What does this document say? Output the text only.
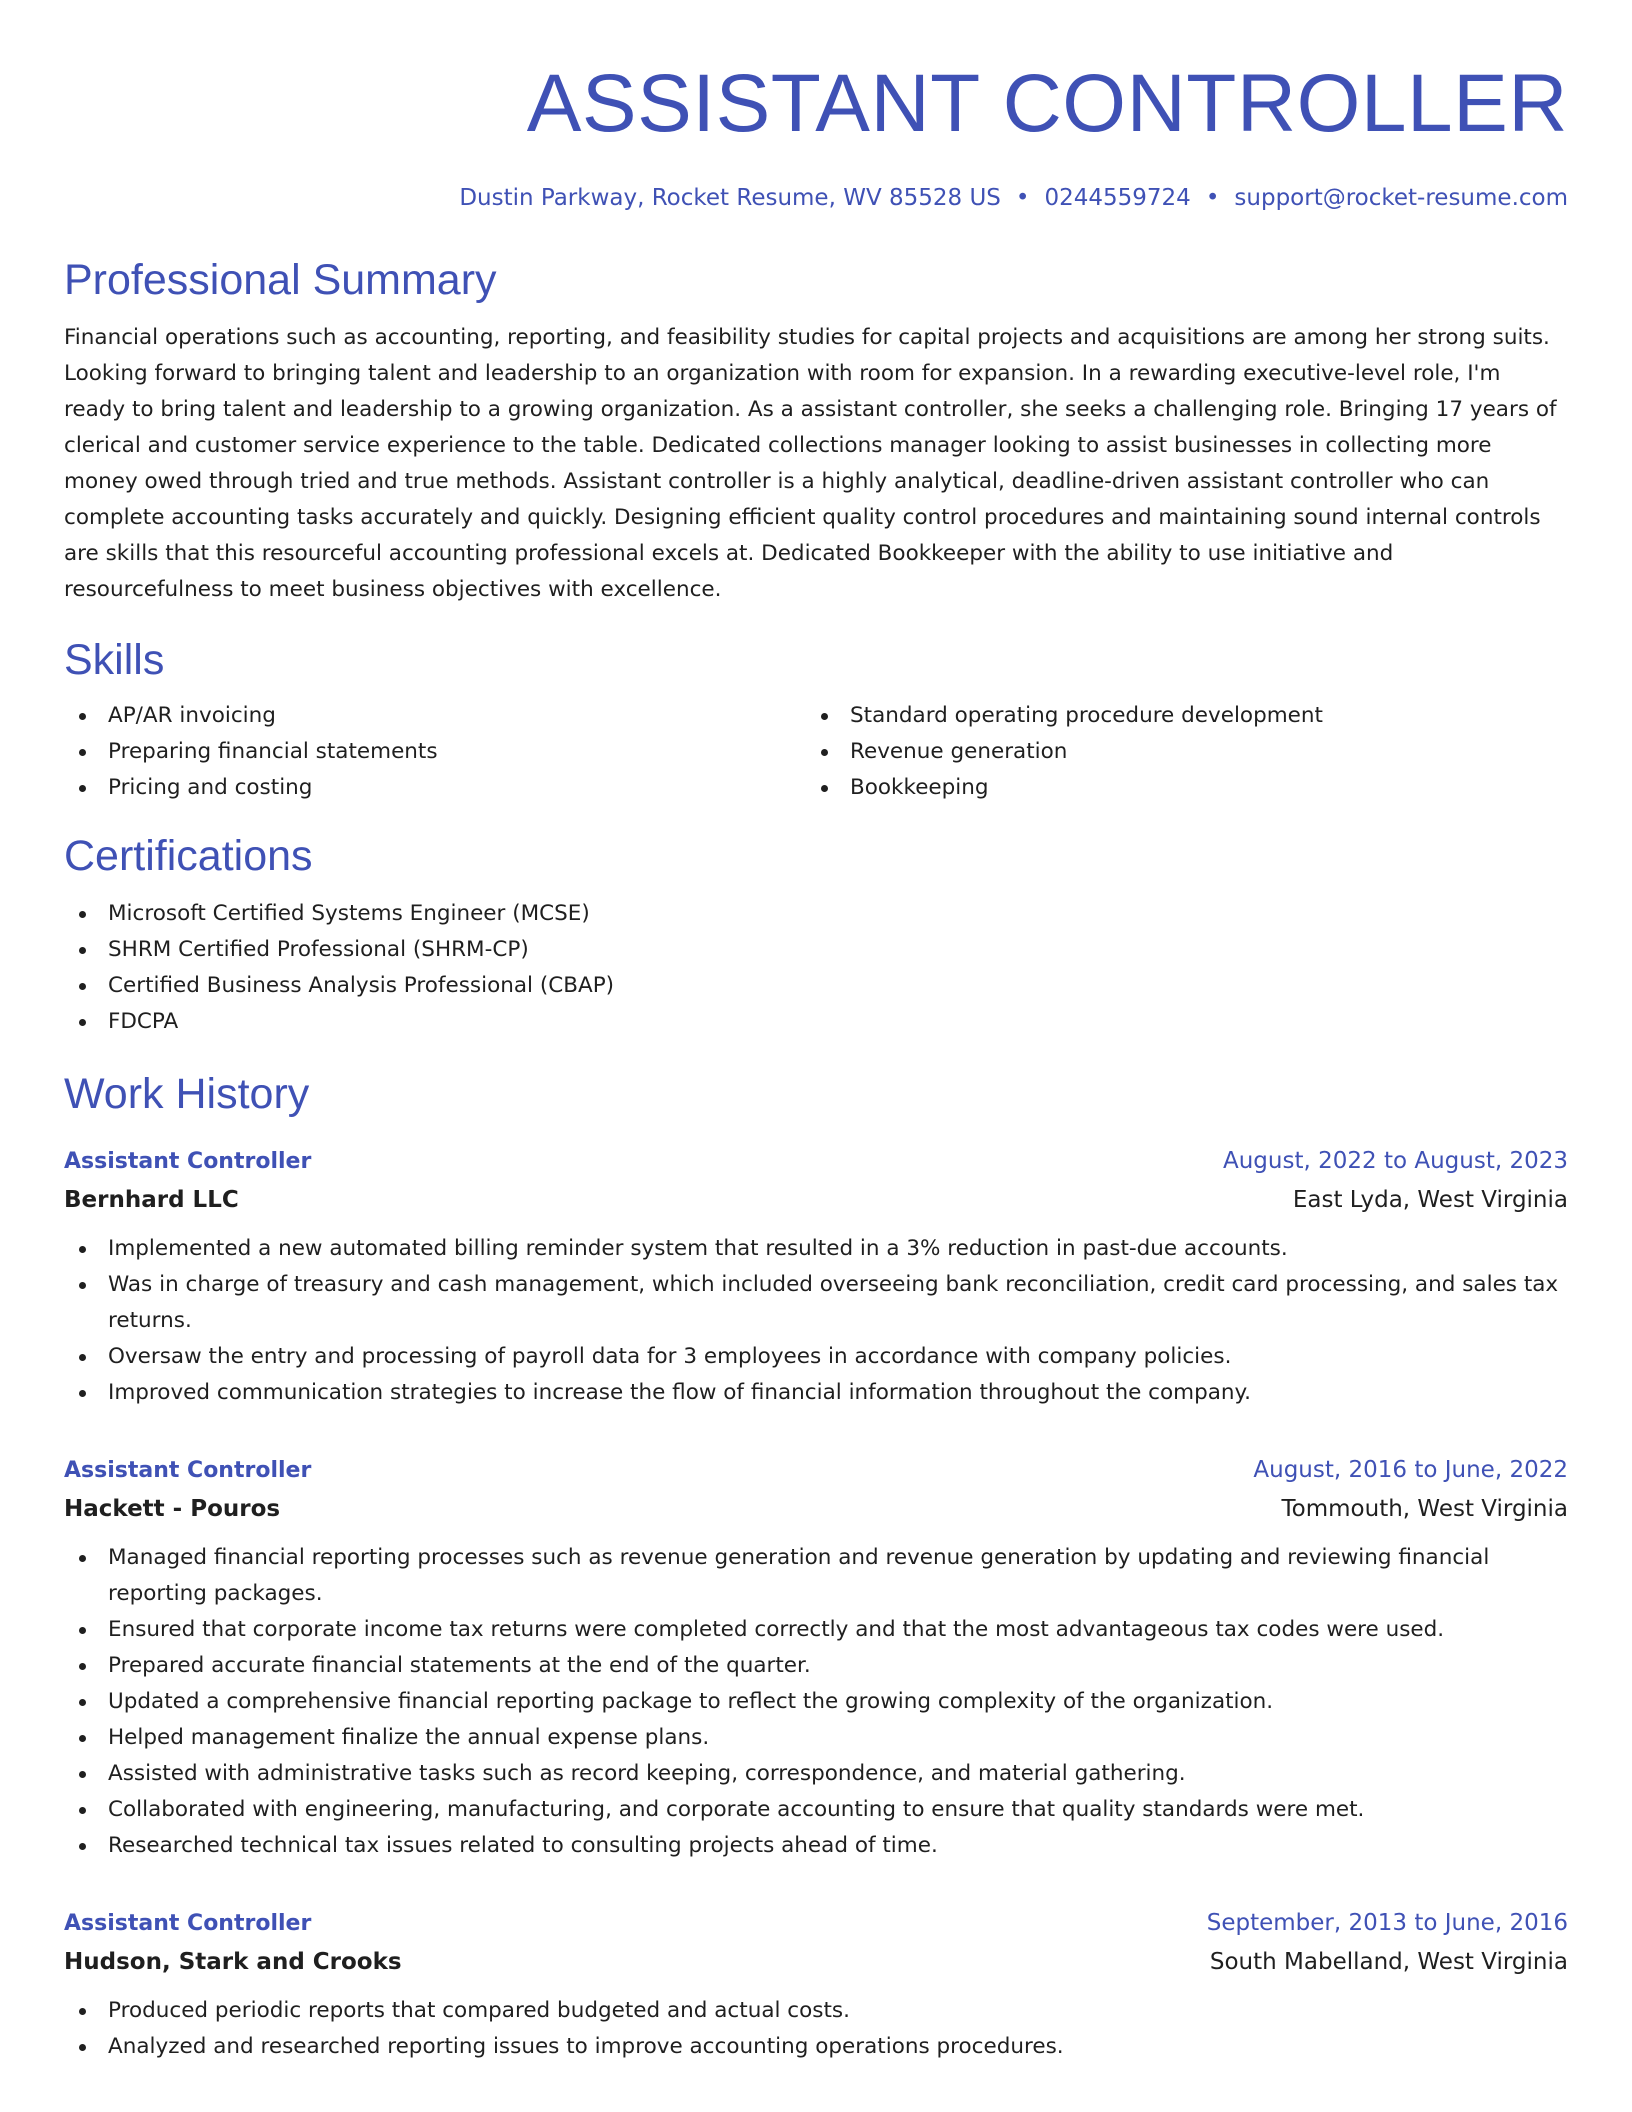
ASSISTANT CONTROLLER
Dustin Parkway, Rocket Resume, WV 85528 US • 0244559724 • support@rocket-resume.com
Professional Summary
Financial operations such as accounting, reporting, and feasibility studies for capital projects and acquisitions are among her strong suits. Looking forward to bringing talent and leadership to an organization with room for expansion. In a rewarding executive-level role, I'm ready to bring talent and leadership to a growing organization. As a assistant controller, she seeks a challenging role. Bringing 17 years of clerical and customer service experience to the table. Dedicated collections manager looking to assist businesses in collecting more money owed through tried and true methods. Assistant controller is a highly analytical, deadline-driven assistant controller who can complete accounting tasks accurately and quickly. Designing efficient quality control procedures and maintaining sound internal controls are skills that this resourceful accounting professional excels at. Dedicated Bookkeeper with the ability to use initiative and resourcefulness to meet business objectives with excellence.
Skills
AP/AR invoicing
Preparing financial statements
Pricing and costing
Standard operating procedure development
Revenue generation
Bookkeeping
Certifications
Microsoft Certified Systems Engineer (MCSE)
SHRM Certified Professional (SHRM-CP)
Certified Business Analysis Professional (CBAP)
FDCPA
Work History
Assistant Controller	August, 2022 to August, 2023
Bernhard LLC	East Lyda, West Virginia
Implemented a new automated billing reminder system that resulted in a 3% reduction in past-due accounts.
Was in charge of treasury and cash management, which included overseeing bank reconciliation, credit card processing, and sales tax returns.
Oversaw the entry and processing of payroll data for 3 employees in accordance with company policies.
Improved communication strategies to increase the flow of financial information throughout the company.
Assistant Controller	August, 2016 to June, 2022
Hackett - Pouros	Tommouth, West Virginia
Managed financial reporting processes such as revenue generation and revenue generation by updating and reviewing financial reporting packages.
Ensured that corporate income tax returns were completed correctly and that the most advantageous tax codes were used.
Prepared accurate financial statements at the end of the quarter.
Updated a comprehensive financial reporting package to reflect the growing complexity of the organization.
Helped management finalize the annual expense plans.
Assisted with administrative tasks such as record keeping, correspondence, and material gathering.
Collaborated with engineering, manufacturing, and corporate accounting to ensure that quality standards were met.
Researched technical tax issues related to consulting projects ahead of time.
Assistant Controller	September, 2013 to June, 2016
Hudson, Stark and Crooks	South Mabelland, West Virginia
Produced periodic reports that compared budgeted and actual costs.
Analyzed and researched reporting issues to improve accounting operations procedures.
